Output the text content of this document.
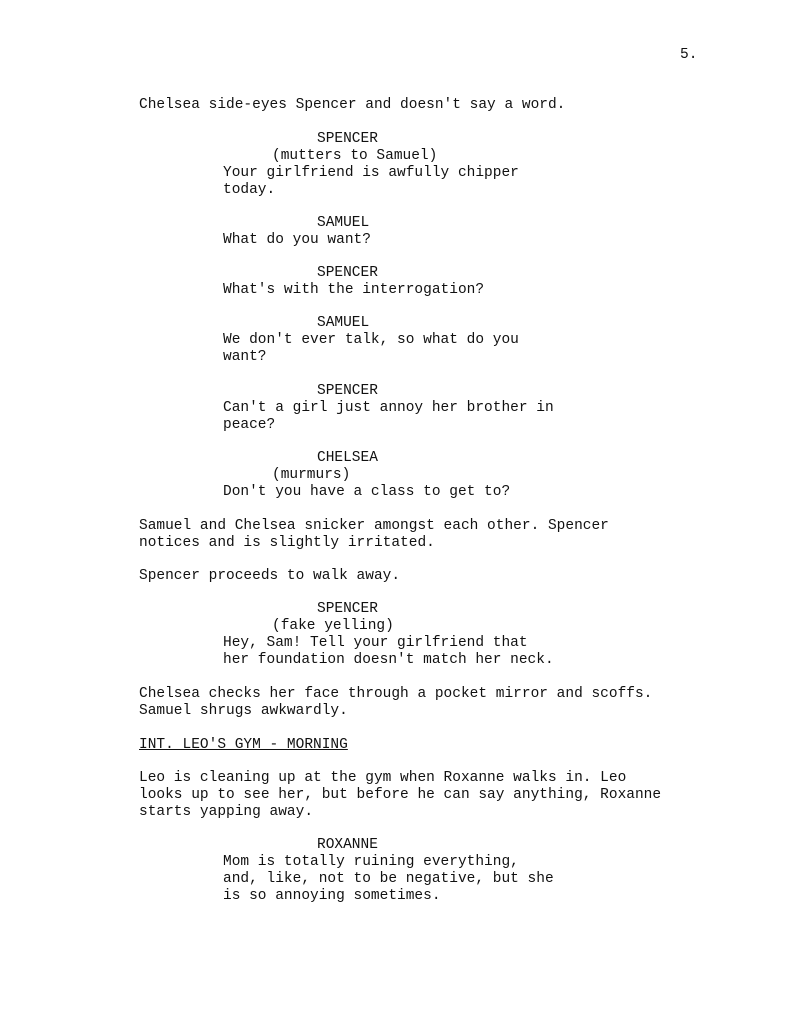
5.
Chelsea side-eyes Spencer and doesn't say a word.
SPENCER
(mutters to Samuel)
Your girlfriend is awfully chipper
today.
SAMUEL
What do you want?
SPENCER
What's with the interrogation?
SAMUEL
We don't ever talk, so what do you
want?
SPENCER
Can't a girl just annoy her brother in
peace?
CHELSEA
(murmurs)
Don't you have a class to get to?
Samuel and Chelsea snicker amongst each other. Spencer
notices and is slightly irritated.
Spencer proceeds to walk away.
SPENCER
(fake yelling)
Hey, Sam! Tell your girlfriend that
her foundation doesn't match her neck.
Chelsea checks her face through a pocket mirror and scoffs.
Samuel shrugs awkwardly.
INT. LEO'S GYM - MORNING
Leo is cleaning up at the gym when Roxanne walks in. Leo
looks up to see her, but before he can say anything, Roxanne
starts yapping away.
ROXANNE
Mom is totally ruining everything,
and, like, not to be negative, but she
is so annoying sometimes.
